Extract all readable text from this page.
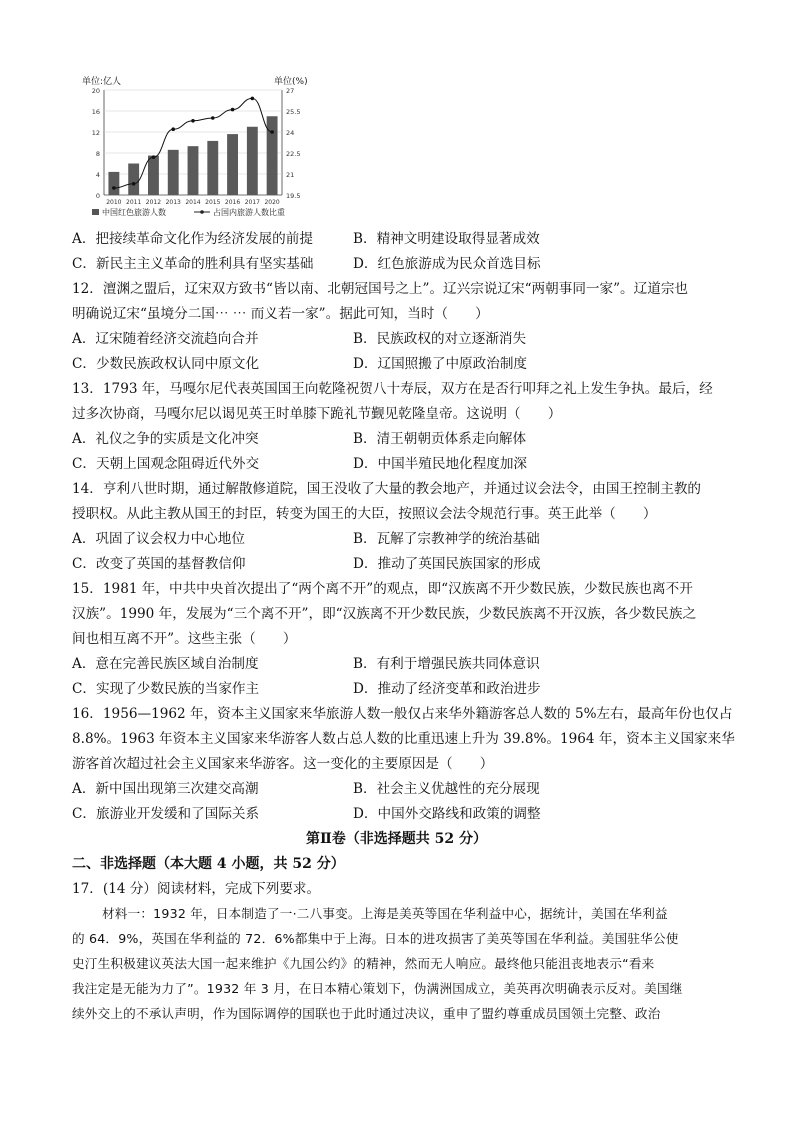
单位:亿人	单位(%)
20
16
12
8
4
0
27
25.5
24
22.5
21
19.5
2010 2011 2012 2013 2014 2015 2016 2017 2020
中国红色旅游人数	占国内旅游人数比重
A．把接续革命文化作为经济发展的前提	B．精神文明建设取得显著成效
C．新民主主义革命的胜利具有坚实基础	D．红色旅游成为民众首选目标
12．澶渊之盟后，辽宋双方致书“皆以南、北朝冠国号之上”。辽兴宗说辽宋“两朝事同一家”。辽道宗也
明确说辽宋“虽境分二国⋯ ⋯ 而义若一家”。据此可知，当时（　　）
A．辽宋随着经济交流趋向合并	B．民族政权的对立逐渐消失
C．少数民族政权认同中原文化	D．辽国照搬了中原政治制度
13．1793 年，马嘎尔尼代表英国国王向乾隆祝贺八十寿辰，双方在是否行叩拜之礼上发生争执。最后，经
过多次协商，马嘎尔尼以谒见英王时单膝下跪礼节觐见乾隆皇帝。这说明（　　）
A．礼仪之争的实质是文化冲突	B．清王朝朝贡体系走向解体
C．天朝上国观念阻碍近代外交	D．中国半殖民地化程度加深
14．亨利八世时期，通过解散修道院，国王没收了大量的教会地产，并通过议会法令，由国王控制主教的
授职权。从此主教从国王的封臣，转变为国王的大臣，按照议会法令规范行事。英王此举（　　）
A．巩固了议会权力中心地位	B．瓦解了宗教神学的统治基础
C．改变了英国的基督教信仰	D．推动了英国民族国家的形成
15．1981 年，中共中央首次提出了“两个离不开”的观点，即“汉族离不开少数民族，少数民族也离不开
汉族”。1990 年，发展为“三个离不开”，即“汉族离不开少数民族，少数民族离不开汉族，各少数民族之
间也相互离不开”。这些主张（　　）
A．意在完善民族区域自治制度	B．有利于增强民族共同体意识
C．实现了少数民族的当家作主	D．推动了经济变革和政治进步
16．1956—1962 年，资本主义国家来华旅游人数一般仅占来华外籍游客总人数的 5%左右，最高年份也仅占
8.8%。1963 年资本主义国家来华游客人数占总人数的比重迅速上升为 39.8%。1964 年，资本主义国家来华
游客首次超过社会主义国家来华游客。这一变化的主要原因是（　　）
A．新中国出现第三次建交高潮	B．社会主义优越性的充分展现
C．旅游业开发缓和了国际关系	D．中国外交路线和政策的调整
第Ⅱ卷（非选择题共 52 分）
二、非选择题（本大题 4 小题，共 52 分）
17．(14 分）阅读材料，完成下列要求。
材料一：1932 年，日本制造了一·二八事变。上海是美英等国在华利益中心，据统计，美国在华利益
的 64．9%，英国在华利益的 72．6%都集中于上海。日本的进攻损害了美英等国在华利益。美国驻华公使
史汀生积极建议英法大国一起来维护《九国公约》的精神，然而无人响应。最终他只能沮丧地表示“看来
我注定是无能为力了”。1932 年 3 月，在日本精心策划下，伪满洲国成立，美英再次明确表示反对。美国继
续外交上的不承认声明，作为国际调停的国联也于此时通过决议，重申了盟约尊重成员国领土完整、政治
